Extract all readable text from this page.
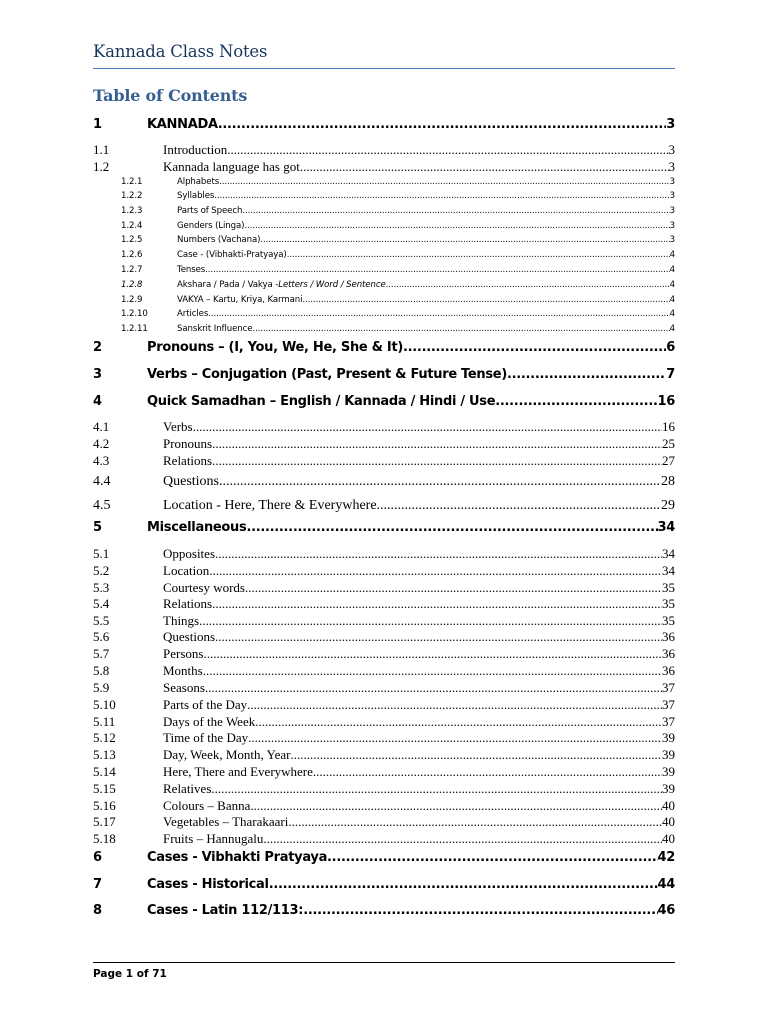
Kannada Class Notes
Table of Contents
1	KANNADA .....	3
1.1	Introduction .....	3
1.2	Kannada language has got .....	3
1.2.1	Alphabets .....	3
1.2.2	Syllables .....	3
1.2.3	Parts of Speech .....	3
1.2.4	Genders (Linga) .....	3
1.2.5	Numbers (Vachana) .....	3
1.2.6	Case - (Vibhakti-Pratyaya) .....	4
1.2.7	Tenses .....	4
1.2.8	Akshara / Pada / Vakya - Letters / Word / Sentence .....	4
1.2.9	VAKYA – Kartu, Kriya, Karmani .....	4
1.2.10	Articles .....	4
1.2.11	Sanskrit Influence .....	4
2	Pronouns – (I, You, We, He, She & It) .....	6
3	Verbs – Conjugation (Past, Present & Future Tense) .....	7
4	Quick Samadhan – English / Kannada / Hindi / Use .....	16
4.1	Verbs .....	16
4.2	Pronouns .....	25
4.3	Relations .....	27
4.4	Questions .....	28
4.5	Location - Here, There & Everywhere .....	29
5	Miscellaneous .....	34
5.1	Opposites .....	34
5.2	Location .....	34
5.3	Courtesy words .....	35
5.4	Relations .....	35
5.5	Things .....	35
5.6	Questions .....	36
5.7	Persons .....	36
5.8	Months .....	36
5.9	Seasons .....	37
5.10	Parts of the Day .....	37
5.11	Days of the Week .....	37
5.12	Time of the Day .....	39
5.13	Day, Week, Month, Year .....	39
5.14	Here, There and Everywhere .....	39
5.15	Relatives .....	39
5.16	Colours – Banna .....	40
5.17	Vegetables – Tharakaari .....	40
5.18	Fruits – Hannugalu .....	40
6	Cases - Vibhakti Pratyaya .....	42
7	Cases - Historical .....	44
8	Cases - Latin 112/113: .....	46
Page 1 of 71
